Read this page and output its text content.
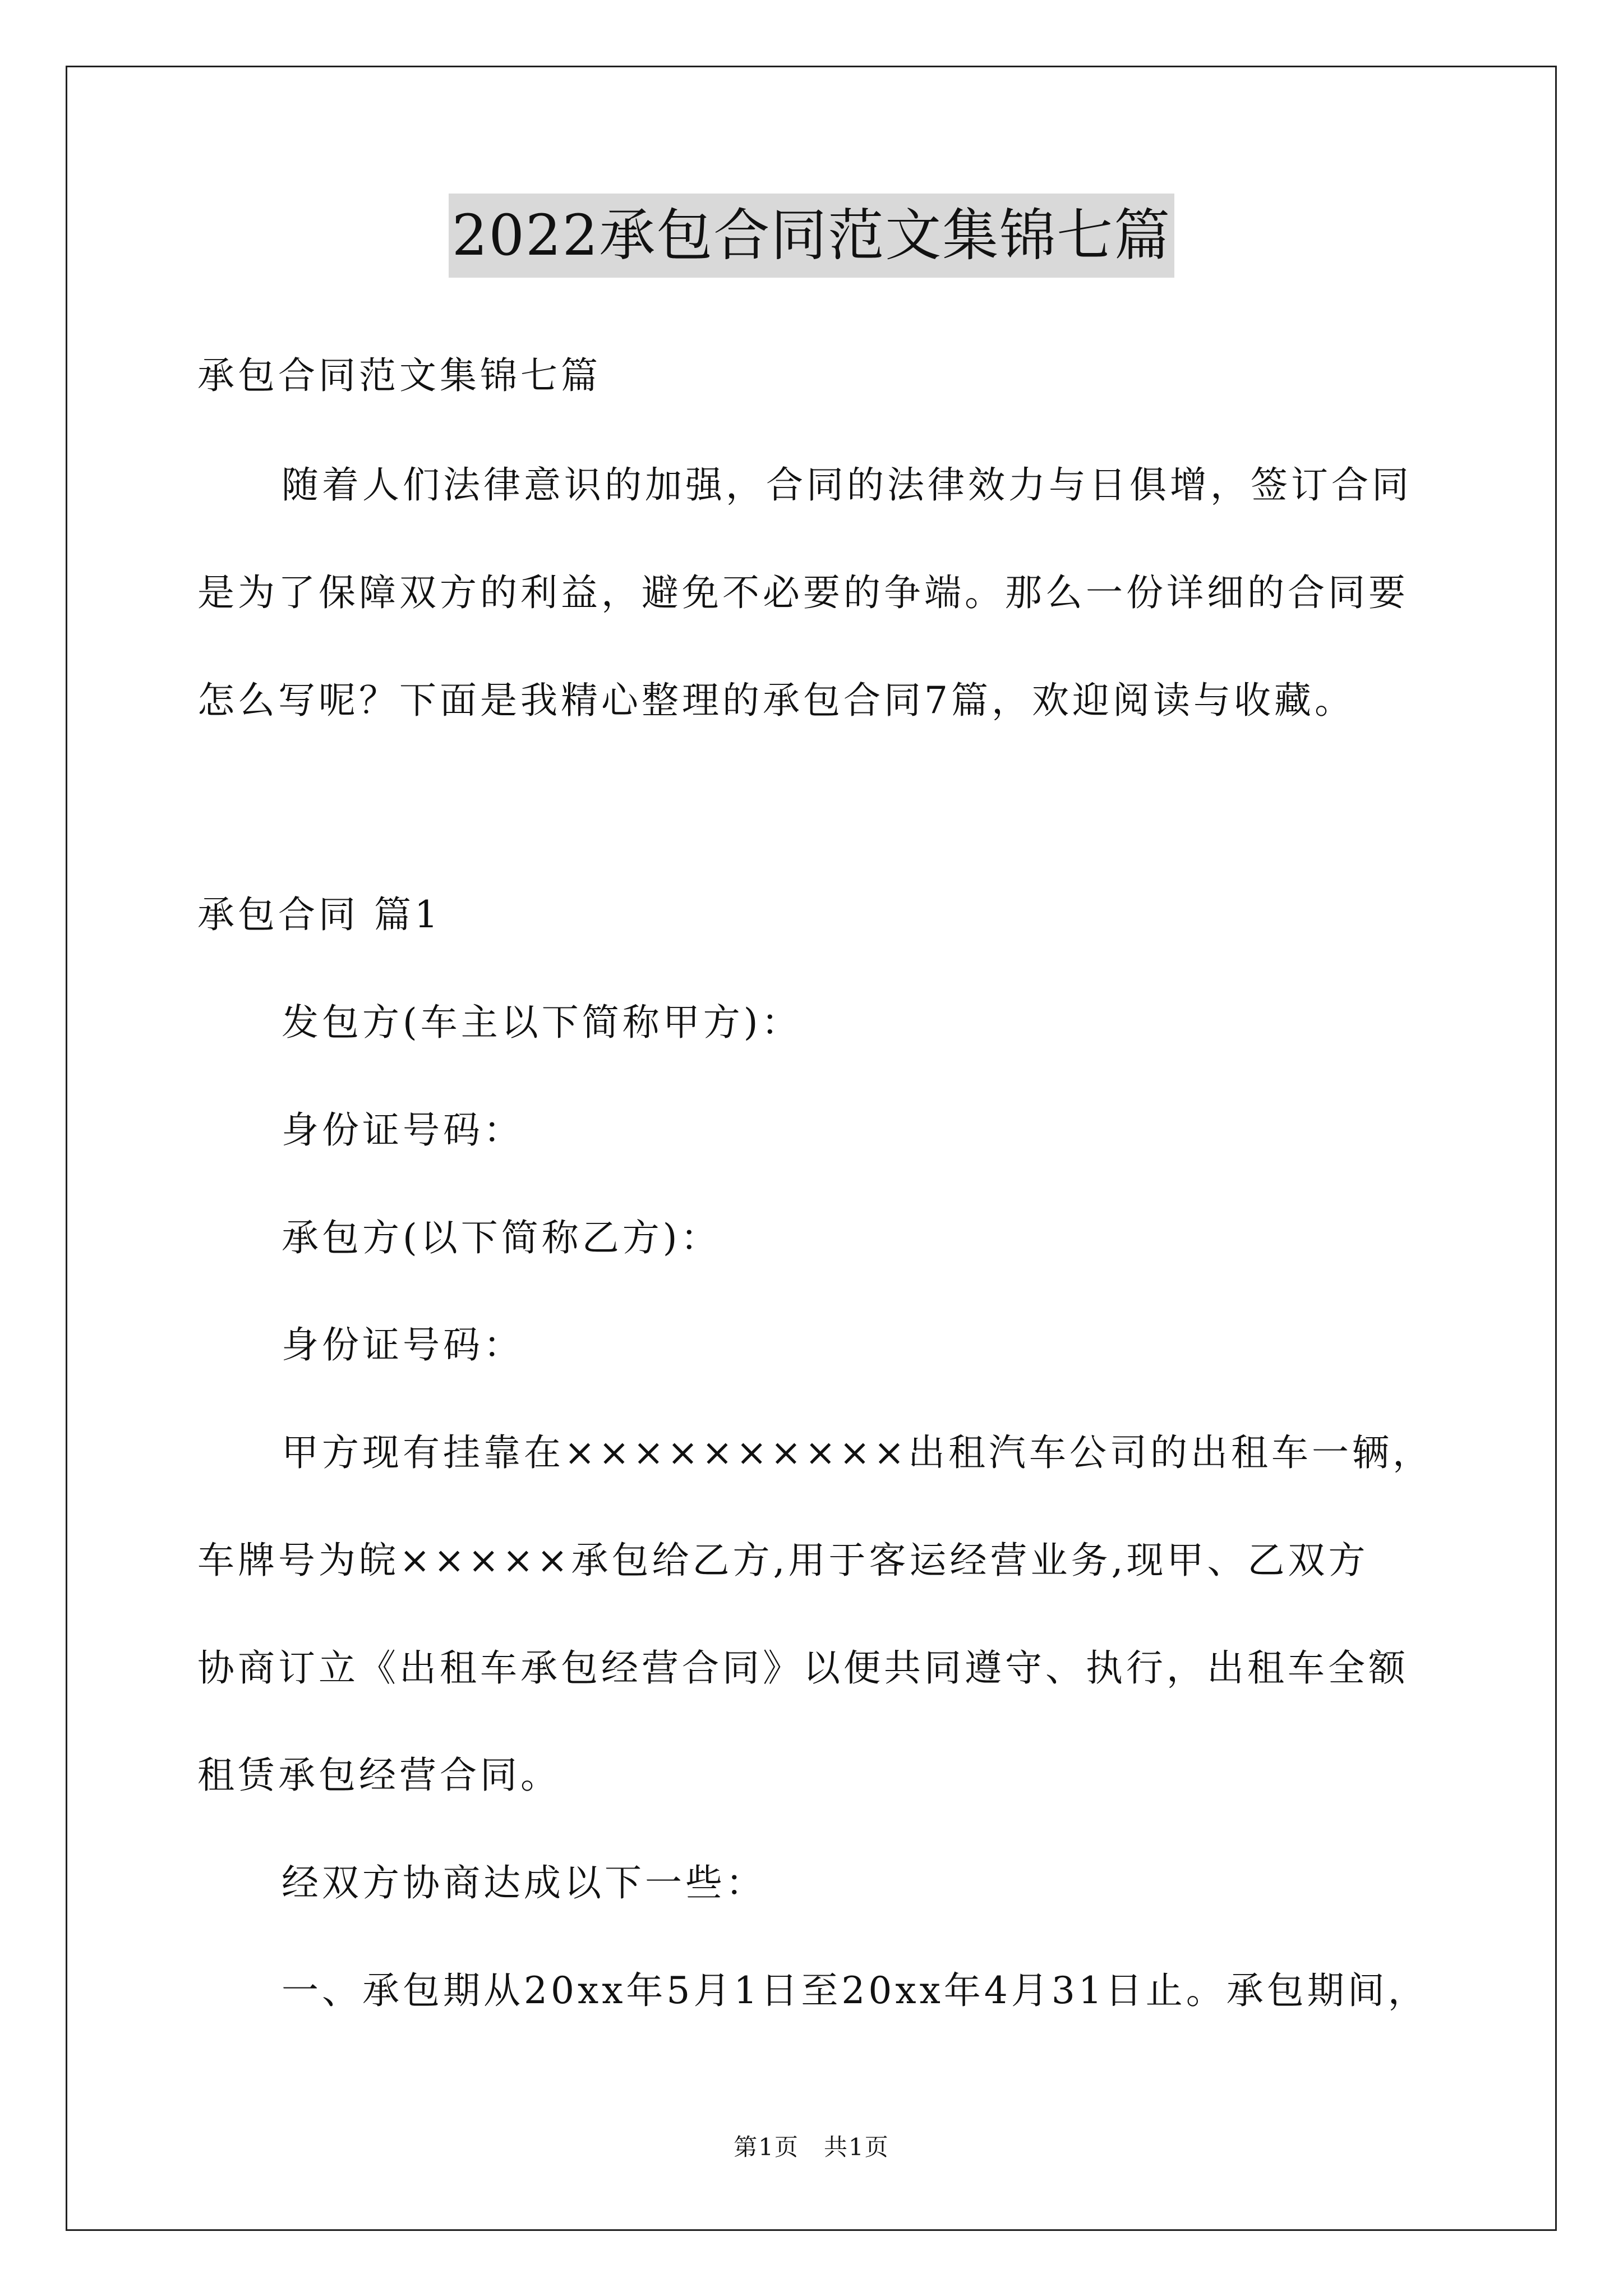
2022承包合同范文集锦七篇
承包合同范文集锦七篇
随着人们法律意识的加强，合同的法律效力与日俱增，签订合同
是为了保障双方的利益，避免不必要的争端。那么一份详细的合同要
怎么写呢？下面是我精心整理的承包合同7篇，欢迎阅读与收藏。
承包合同 篇1
发包方(车主以下简称甲方)：
身份证号码：
承包方(以下简称乙方)：
身份证号码：
甲方现有挂靠在××××××××××出租汽车公司的出租车一辆，
车牌号为皖×××××承包给乙方,用于客运经营业务,现甲、乙双方
协商订立《出租车承包经营合同》以便共同遵守、执行，出租车全额
租赁承包经营合同。
经双方协商达成以下一些：
一、承包期从20xx年5月1日至20xx年4月31日止。承包期间，
第1页　共1页
